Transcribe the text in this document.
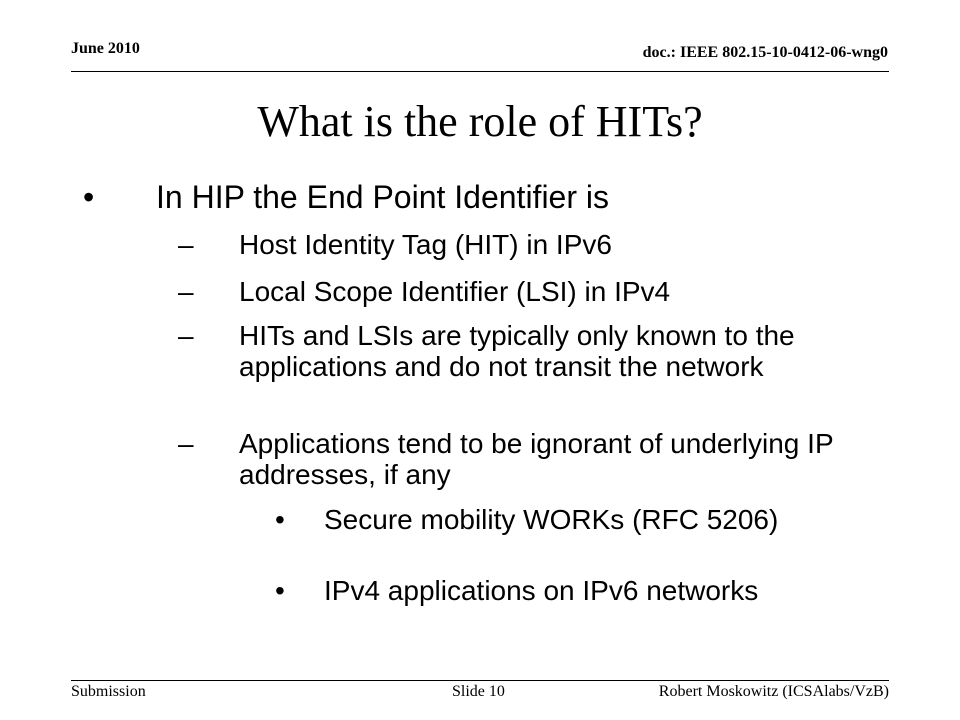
June 2010	doc.: IEEE 802.15-10-0412-06-wng0
What is the role of HITs?
• In HIP the End Point Identifier is
– Host Identity Tag (HIT) in IPv6
– Local Scope Identifier (LSI) in IPv4
– HITs and LSIs are typically only known to the applications and do not transit the network
– Applications tend to be ignorant of underlying IP addresses, if any
• Secure mobility WORKs (RFC 5206)
• IPv4 applications on IPv6 networks
Submission	Slide 10	Robert Moskowitz (ICSAlabs/VzB)
